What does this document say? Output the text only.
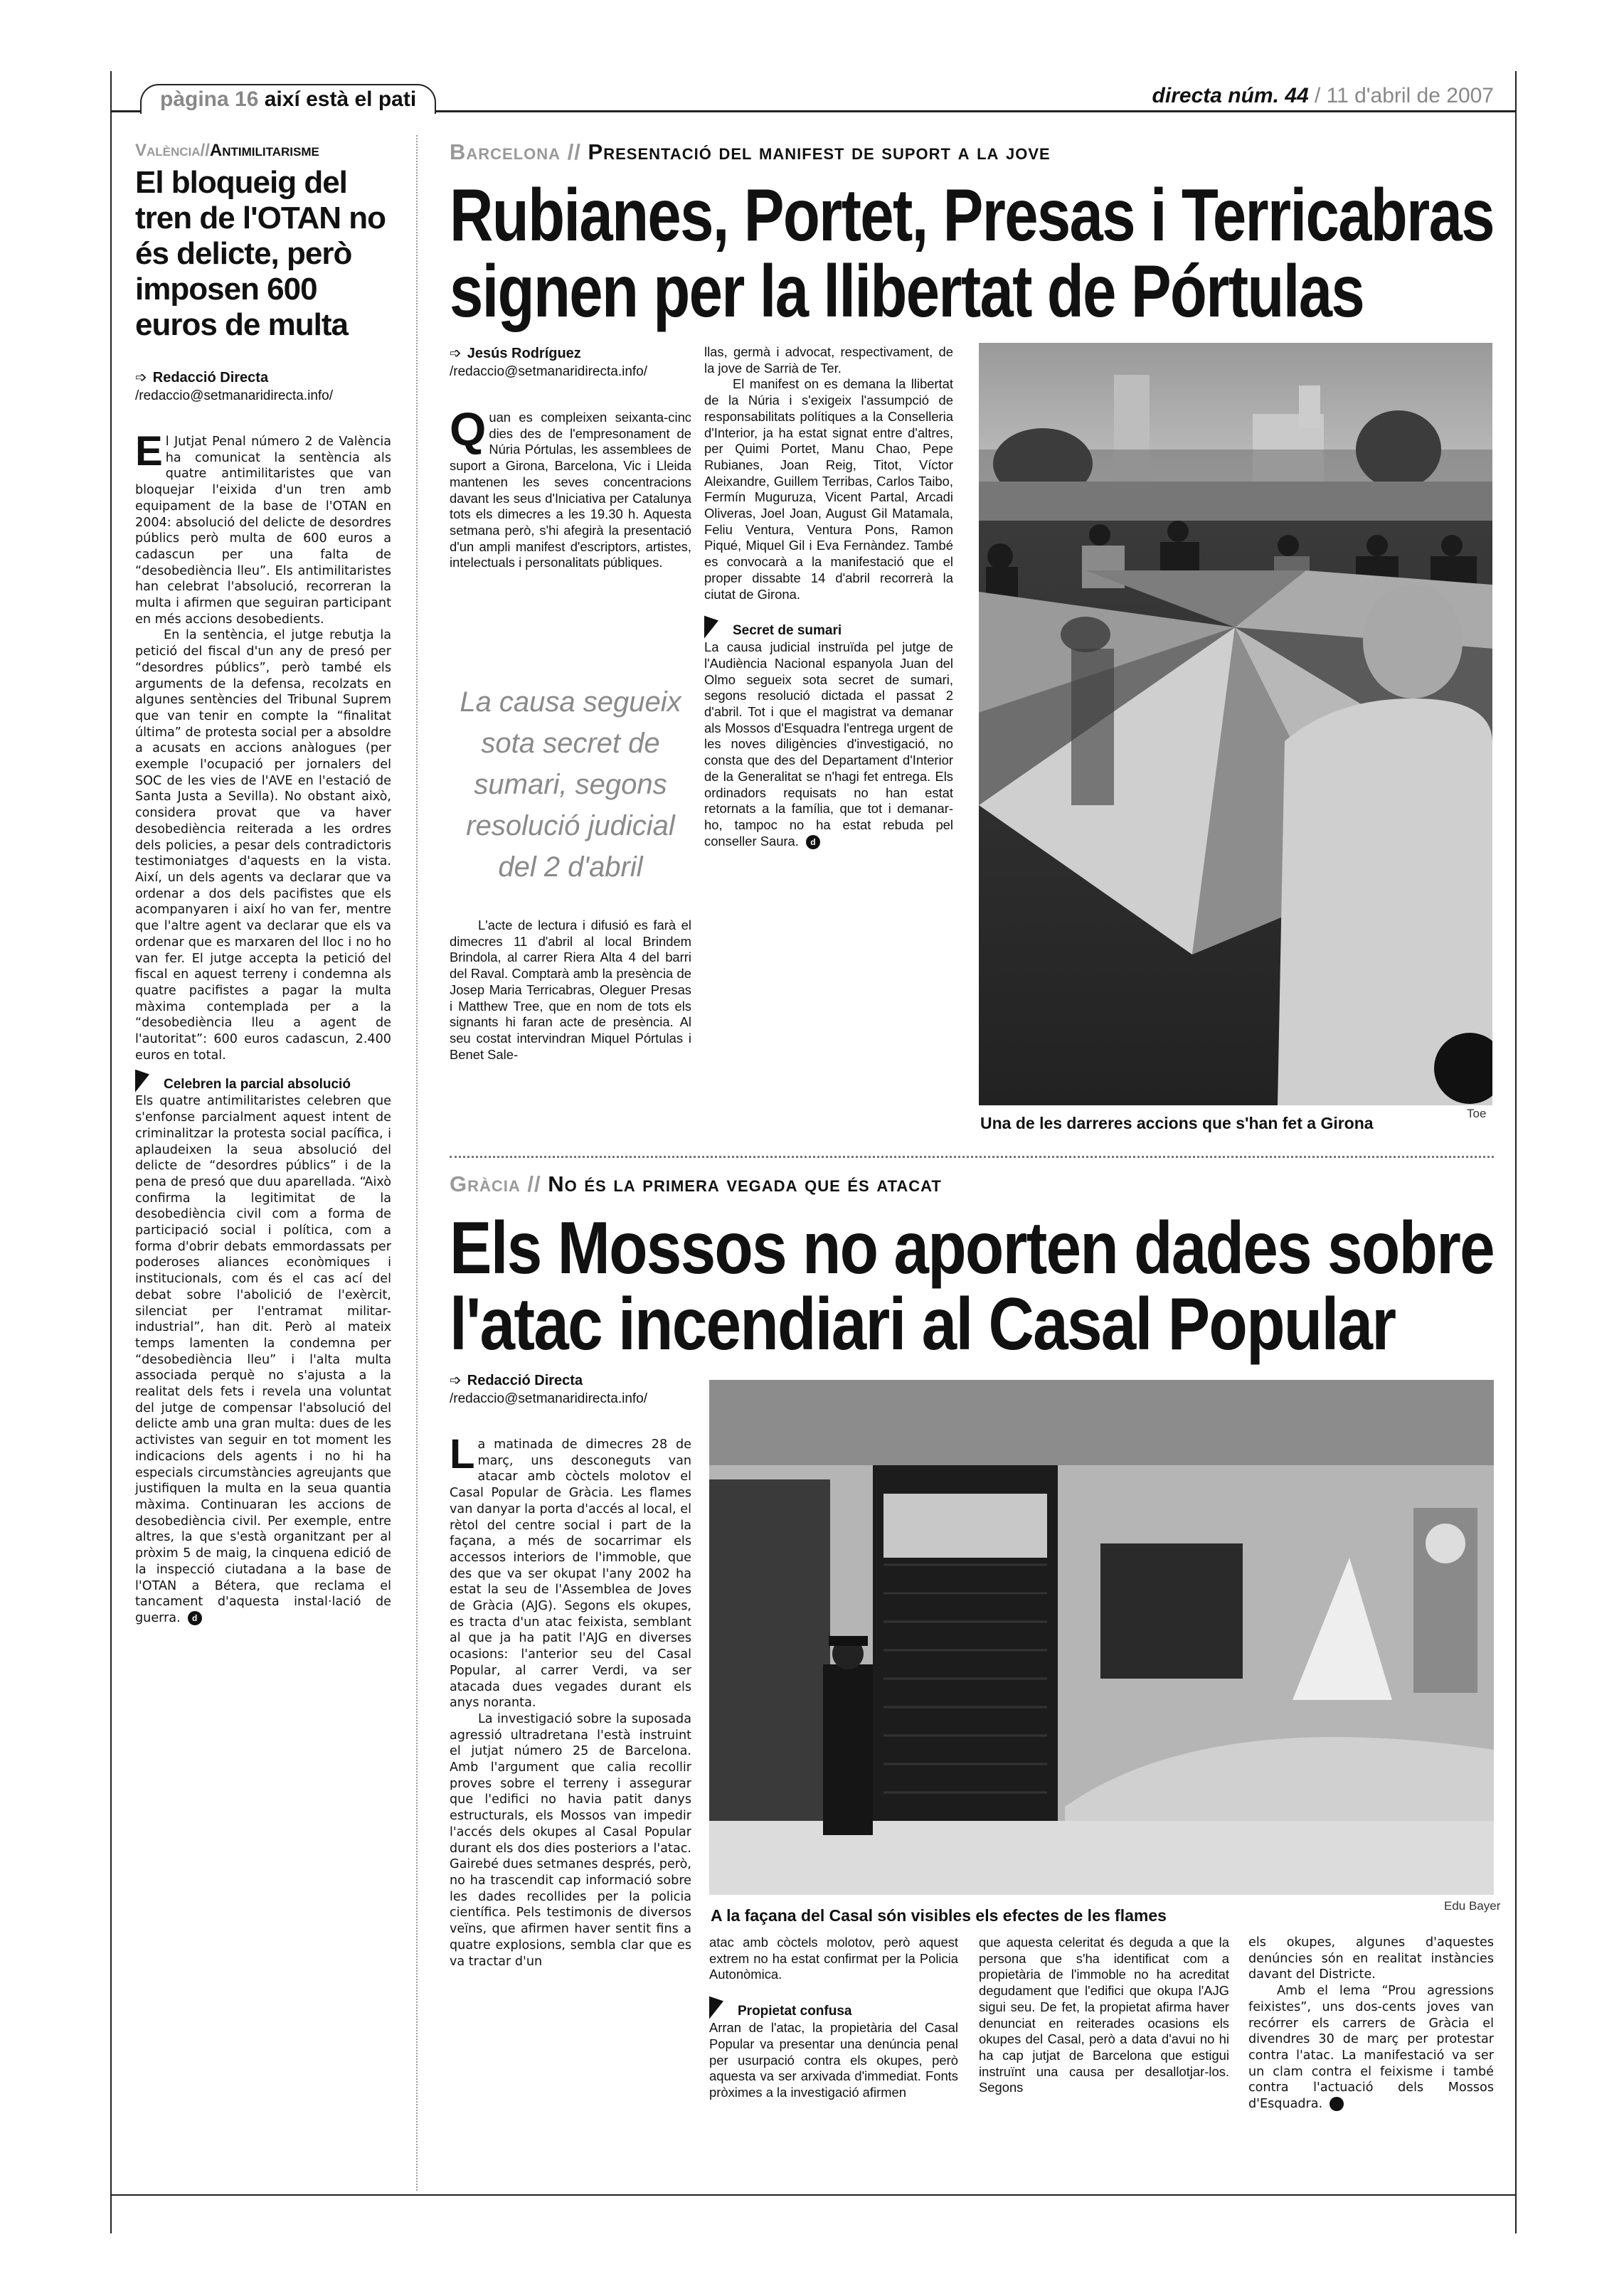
pàgina 16 així està el pati	directa núm. 44 / 11 d'abril de 2007
València//Antimilitarisme
El bloqueig del tren de l'OTAN no és delicte, però imposen 600 euros de multa
➩ Redacció Directa
/redaccio@setmanaridirecta.info/

El Jutjat Penal número 2 de València ha comunicat la sentència als quatre antimilitaristes que van bloquejar l'eixida d'un tren amb equipament de la base de l'OTAN en 2004: absolució del delicte de desordres públics però multa de 600 euros a cadascun per una falta de “desobediència lleu”. Els antimilitaristes han celebrat l'absolució, recorreran la multa i afirmen que seguiran participant en més accions desobedients.

En la sentència, el jutge rebutja la petició del fiscal d'un any de presó per “desordres públics”, però també els arguments de la defensa, recolzats en algunes sentències del Tribunal Suprem que van tenir en compte la “finalitat última” de protesta social per a absoldre a acusats en accions anàlogues (per exemple l'ocupació per jornalers del SOC de les vies de l'AVE en l'estació de Santa Justa a Sevilla). No obstant això, considera provat que va haver desobediència reiterada a les ordres dels policies, a pesar dels contradictoris testimoniatges d'aquests en la vista. Així, un dels agents va declarar que va ordenar a dos dels pacifistes que els acompanyaren i així ho van fer, mentre que l'altre agent va declarar que els va ordenar que es marxaren del lloc i no ho van fer. El jutge accepta la petició del fiscal en aquest terreny i condemna als quatre pacifistes a pagar la multa màxima contemplada per a la “desobediència lleu a agent de l'autoritat”: 600 euros cadascun, 2.400 euros en total.

Celebren la parcial absolució

Els quatre antimilitaristes celebren que s'enfonse parcialment aquest intent de criminalitzar la protesta social pacífica, i aplaudeixen la seua absolució del delicte de “desordres públics” i de la pena de presó que duu aparellada. “Això confirma la legitimitat de la desobediència civil com a forma de participació social i política, com a forma d'obrir debats emmordassats per poderoses aliances econòmiques i institucionals, com és el cas ací del debat sobre l'abolició de l'exèrcit, silenciat per l'entramat militar-industrial”, han dit. Però al mateix temps lamenten la condemna per “desobediència lleu” i l'alta multa associada perquè no s'ajusta a la realitat dels fets i revela una voluntat del jutge de compensar l'absolució del delicte amb una gran multa: dues de les activistes van seguir en tot moment les indicacions dels agents i no hi ha especials circumstàncies agreujants que justifiquen la multa en la seua quantia màxima. Continuaran les accions de desobediència civil. Per exemple, entre altres, la que s'està organitzant per al pròxim 5 de maig, la cinquena edició de la inspecció ciutadana a la base de l'OTAN a Bétera, que reclama el tancament d'aquesta instal·lació de guerra. d

Barcelona // Presentació del manifest de suport a la jove
Rubianes, Portet, Presas i Terricabras
signen per la llibertat de Pórtulas
➩ Jesús Rodríguez
/redaccio@setmanaridirecta.info/

Quan es compleixen seixanta-cinc dies des de l'empresonament de Núria Pórtulas, les assemblees de suport a Girona, Barcelona, Vic i Lleida mantenen les seves concentracions davant les seus d'Iniciativa per Catalunya tots els dimecres a les 19.30 h. Aquesta setmana però, s'hi afegirà la presentació d'un ampli manifest d'escriptors, artistes, intelectuals i personalitats públiques.

La causa segueix sota secret de sumari, segons resolució judicial del 2 d'abril

L'acte de lectura i difusió es farà el dimecres 11 d'abril al local Brindem Brindola, al carrer Riera Alta 4 del barri del Raval. Comptarà amb la presència de Josep Maria Terricabras, Oleguer Presas i Matthew Tree, que en nom de tots els signants hi faran acte de presència. Al seu costat intervindran Miquel Pórtulas i Benet Sale-

llas, germà i advocat, respectivament, de la jove de Sarrià de Ter.

El manifest on es demana la llibertat de la Núria i s'exigeix l'assumpció de responsabilitats polítiques a la Conselleria d'Interior, ja ha estat signat entre d'altres, per Quimi Portet, Manu Chao, Pepe Rubianes, Joan Reig, Titot, Víctor Aleixandre, Guillem Terribas, Carlos Taibo, Fermín Muguruza, Vicent Partal, Arcadi Oliveras, Joel Joan, August Gil Matamala, Feliu Ventura, Ventura Pons, Ramon Piqué, Miquel Gil i Eva Fernàndez. També es convocarà a la manifestació que el proper dissabte 14 d'abril recorrerà la ciutat de Girona.

Secret de sumari

La causa judicial instruïda pel jutge de l'Audiència Nacional espanyola Juan del Olmo segueix sota secret de sumari, segons resolució dictada el passat 2 d'abril. Tot i que el magistrat va demanar als Mossos d'Esquadra l'entrega urgent de les noves diligències d'investigació, no consta que des del Departament d'Interior de la Generalitat se n'hagi fet entrega. Els ordinadors requisats no han estat retornats a la família, que tot i demanar-ho, tampoc no ha estat rebuda pel conseller Saura. d

Una de les darreres accions que s'han fet a Girona
Toe
Gràcia // No és la primera vegada que és atacat
Els Mossos no aporten dades sobre
l'atac incendiari al Casal Popular
➩ Redacció Directa
/redaccio@setmanaridirecta.info/

La matinada de dimecres 28 de març, uns desconeguts van atacar amb còctels molotov el Casal Popular de Gràcia. Les flames van danyar la porta d'accés al local, el rètol del centre social i part de la façana, a més de socarrimar els accessos interiors de l'immoble, que des que va ser okupat l'any 2002 ha estat la seu de l'Assemblea de Joves de Gràcia (AJG). Segons els okupes, es tracta d'un atac feixista, semblant al que ja ha patit l'AJG en diverses ocasions: l'anterior seu del Casal Popular, al carrer Verdi, va ser atacada dues vegades durant els anys noranta.

La investigació sobre la suposada agressió ultradretana l'està instruint el jutjat número 25 de Barcelona. Amb l'argument que calia recollir proves sobre el terreny i assegurar que l'edifici no havia patit danys estructurals, els Mossos van impedir l'accés dels okupes al Casal Popular durant els dos dies posteriors a l'atac. Gairebé dues setmanes després, però, no ha trascendit cap informació sobre les dades recollides per la policia científica. Pels testimonis de diversos veïns, que afirmen haver sentit fins a quatre explosions, sembla clar que es va tractar d'un

A la façana del Casal són visibles els efectes de les flames
Edu Bayer

atac amb còctels molotov, però aquest extrem no ha estat confirmat per la Policia Autonòmica.

Propietat confusa

Arran de l'atac, la propietària del Casal Popular va presentar una denúncia penal per usurpació contra els okupes, però aquesta va ser arxivada d'immediat. Fonts pròximes a la investigació afirmen

que aquesta celeritat és deguda a que la persona que s'ha identificat com a propietària de l'immoble no ha acreditat degudament que l'edifici que okupa l'AJG sigui seu. De fet, la propietat afirma haver denunciat en reiterades ocasions els okupes del Casal, però a data d'avui no hi ha cap jutjat de Barcelona que estigui instruïnt una causa per desallotjar-los. Segons

els okupes, algunes d'aquestes denúncies són en realitat instàncies davant del Districte.

Amb el lema “Prou agressions feixistes”, uns dos-cents joves van recórrer els carrers de Gràcia el divendres 30 de març per protestar contra l'atac. La manifestació va ser un clam contra el feixisme i també contra l'actuació dels Mossos d'Esquadra.	d
